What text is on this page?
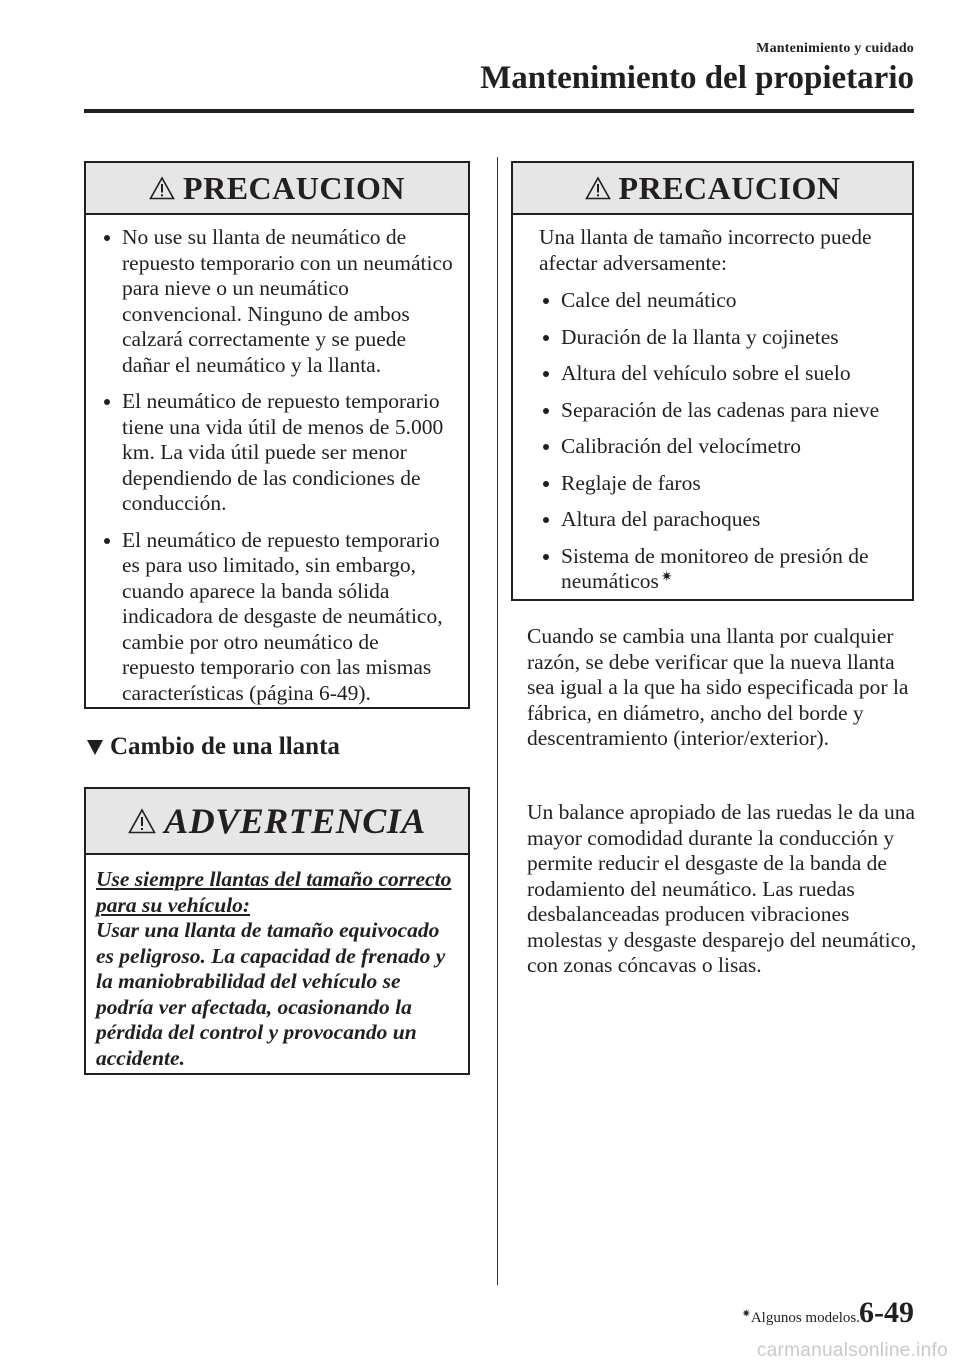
Mantenimiento y cuidado
Mantenimiento del propietario
PRECAUCION
No use su llanta de neumático de repuesto temporario con un neumático para nieve o un neumático convencional. Ninguno de ambos calzará correctamente y se puede dañar el neumático y la llanta.
El neumático de repuesto temporario tiene una vida útil de menos de 5.000 km. La vida útil puede ser menor dependiendo de las condiciones de conducción.
El neumático de repuesto temporario es para uso limitado, sin embargo, cuando aparece la banda sólida indicadora de desgaste de neumático, cambie por otro neumático de repuesto temporario con las mismas características (página 6-49).
Cambio de una llanta
ADVERTENCIA
Use siempre llantas del tamaño correcto para su vehículo:
Usar una llanta de tamaño equivocado es peligroso. La capacidad de frenado y la maniobrabilidad del vehículo se podría ver afectada, ocasionando la pérdida del control y provocando un accidente.
PRECAUCION
Una llanta de tamaño incorrecto puede afectar adversamente:
Calce del neumático
Duración de la llanta y cojinetes
Altura del vehículo sobre el suelo
Separación de las cadenas para nieve
Calibración del velocímetro
Reglaje de faros
Altura del parachoques
Sistema de monitoreo de presión de neumáticos ✷
Cuando se cambia una llanta por cualquier razón, se debe verificar que la nueva llanta sea igual a la que ha sido especificada por la fábrica, en diámetro, ancho del borde y descentramiento (interior/exterior).
Un balance apropiado de las ruedas le da una mayor comodidad durante la conducción y permite reducir el desgaste de la banda de rodamiento del neumático. Las ruedas desbalanceadas producen vibraciones molestas y desgaste desparejo del neumático, con zonas cóncavas o lisas.
✷Algunos modelos. 6-49
carmanualsonline.info
